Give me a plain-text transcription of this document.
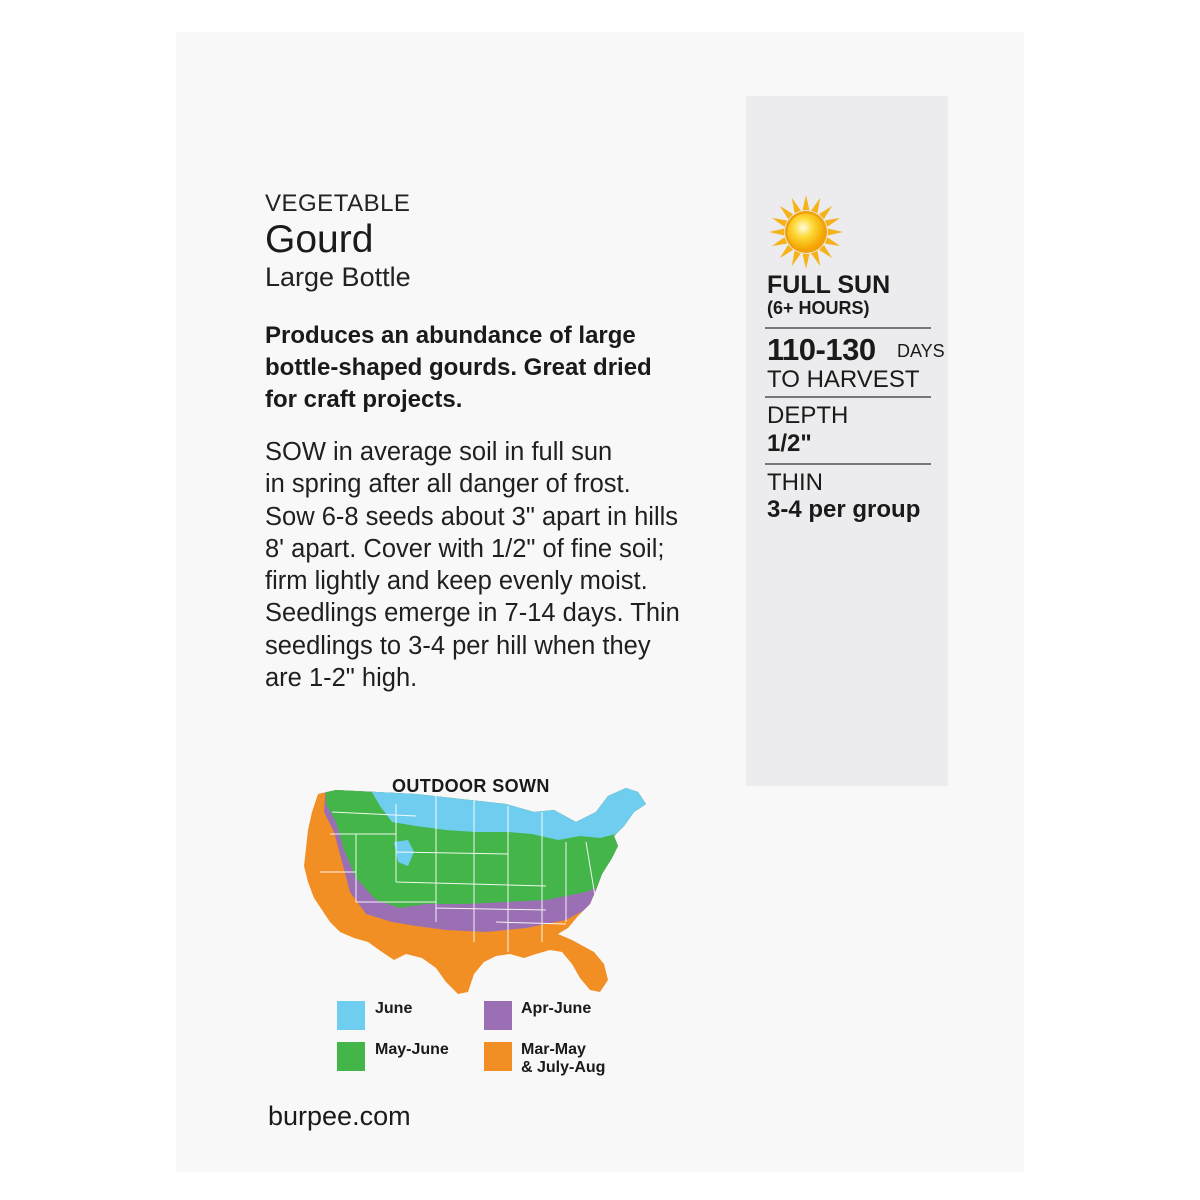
VEGETABLE
Gourd
Large Bottle
Produces an abundance of large
bottle-shaped gourds. Great dried
for craft projects.
SOW in average soil in full sun
in spring after all danger of frost.
Sow 6-8 seeds about 3" apart in hills
8' apart. Cover with 1/2" of fine soil;
firm lightly and keep evenly moist.
Seedlings emerge in 7-14 days. Thin
seedlings to 3-4 per hill when they
are 1-2" high.
FULL SUN
(6+ HOURS)
110-130 DAYS
TO HARVEST
DEPTH
1/2"
THIN
3-4 per group
OUTDOOR SOWN
June
May-June
Apr-June
Mar-May
& July-Aug
burpee.com
